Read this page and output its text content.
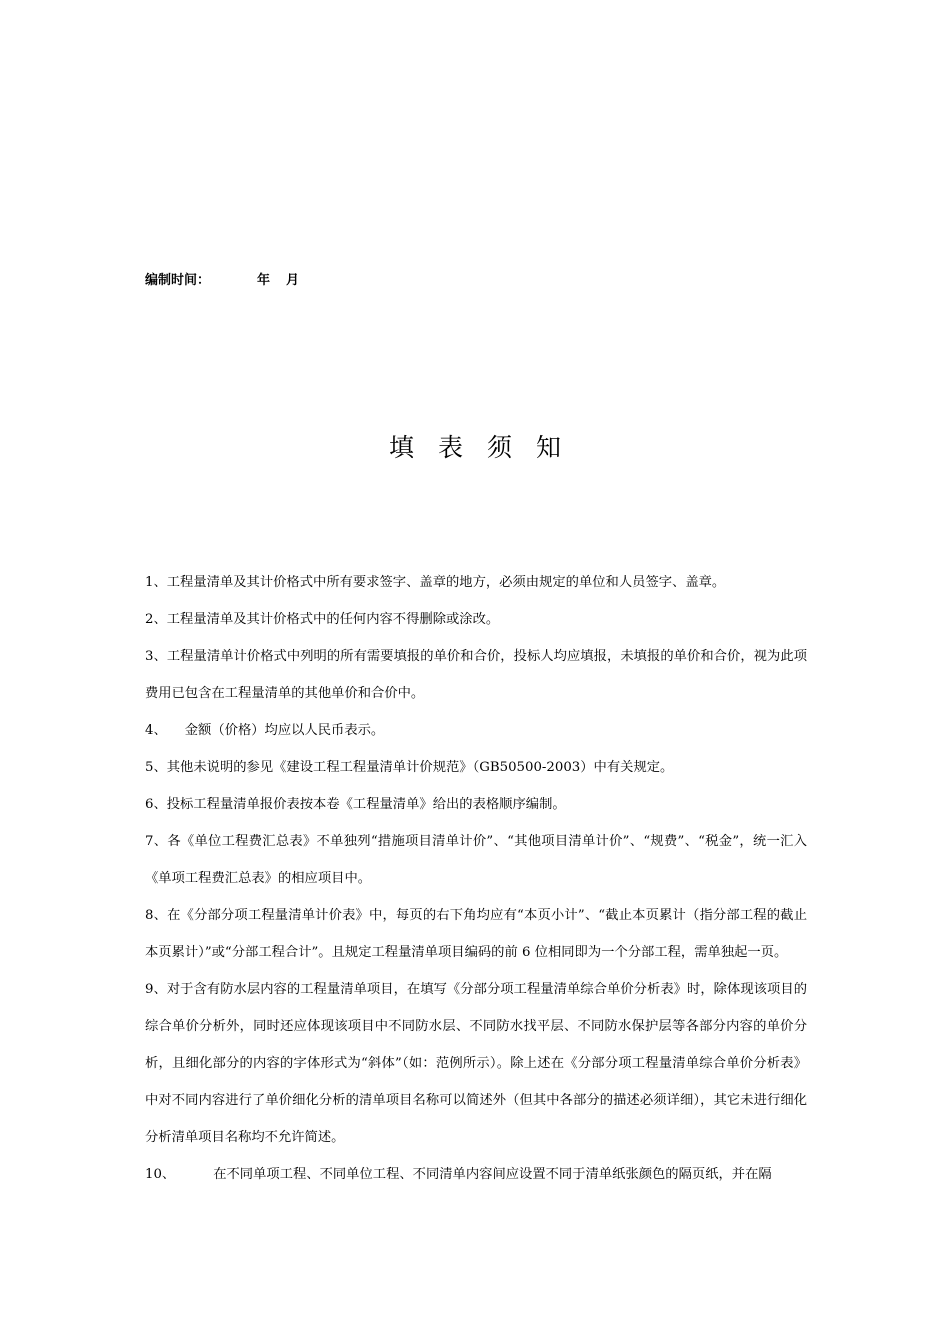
编制时间：	年 月
填表须知

1、工程量清单及其计价格式中所有要求签字、盖章的地方，必须由规定的单位和人员签字、盖章。

2、工程量清单及其计价格式中的任何内容不得删除或涂改。

3、工程量清单计价格式中列明的所有需要填报的单价和合价，投标人均应填报，未填报的单价和合价，视为此项费用已包含在工程量清单的其他单价和合价中。

4、 金额（价格）均应以人民币表示。

5、其他未说明的参见《建设工程工程量清单计价规范》（GB50500-2003）中有关规定。

6、投标工程量清单报价表按本卷《工程量清单》给出的表格顺序编制。

7、各《单位工程费汇总表》不单独列“措施项目清单计价”、“其他项目清单计价”、“规费”、“税金”，统一汇入《单项工程费汇总表》的相应项目中。

8、在《分部分项工程量清单计价表》中，每页的右下角均应有“本页小计”、“截止本页累计（指分部工程的截止本页累计）”或“分部工程合计”。且规定工程量清单项目编码的前 6 位相同即为一个分部工程，需单独起一页。

9、对于含有防水层内容的工程量清单项目，在填写《分部分项工程量清单综合单价分析表》时，除体现该项目的综合单价分析外，同时还应体现该项目中不同防水层、不同防水找平层、不同防水保护层等各部分内容的单价分析，且细化部分的内容的字体形式为“斜体”（如：范例所示）。除上述在《分部分项工程量清单综合单价分析表》中对不同内容进行了单价细化分析的清单项目名称可以简述外（但其中各部分的描述必须详细），其它未进行细化分析清单项目名称均不允许简述。

10、	在不同单项工程、不同单位工程、不同清单内容间应设置不同于清单纸张颜色的隔页纸，并在隔
